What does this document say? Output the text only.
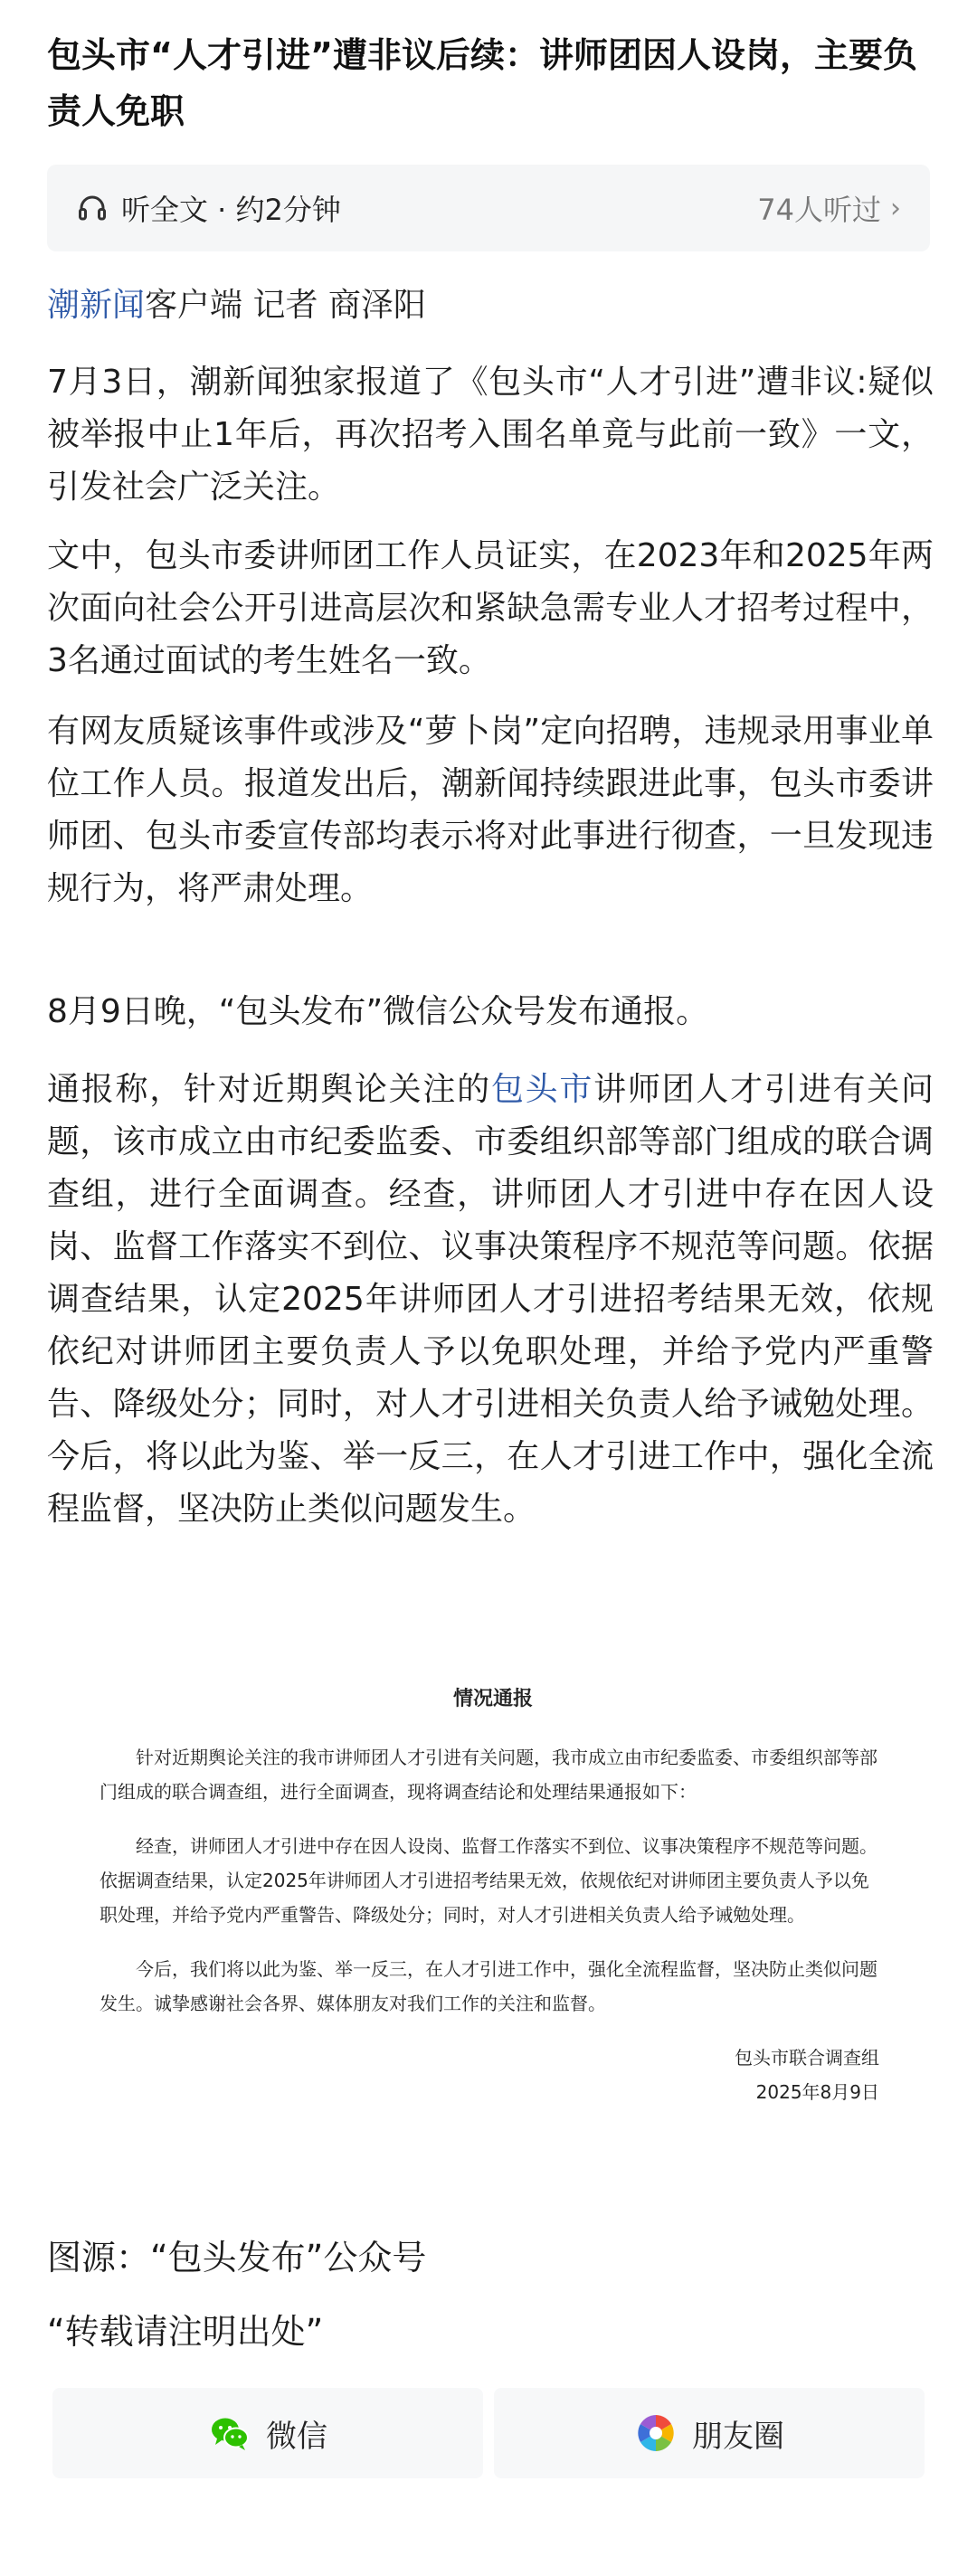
包头市“人才引进”遭非议后续：讲师团因人设岗，主要负责人免职
听全文 · 约2分钟	74人听过 ›
潮新闻客户端 记者 商泽阳

7月3日，潮新闻独家报道了《包头市“人才引进”遭非议:疑似被举报中止1年后，再次招考入围名单竟与此前一致》一文，引发社会广泛关注。

文中，包头市委讲师团工作人员证实，在2023年和2025年两次面向社会公开引进高层次和紧缺急需专业人才招考过程中，3名通过面试的考生姓名一致。

有网友质疑该事件或涉及“萝卜岗”定向招聘，违规录用事业单位工作人员。报道发出后，潮新闻持续跟进此事，包头市委讲师团、包头市委宣传部均表示将对此事进行彻查，一旦发现违规行为，将严肃处理。

8月9日晚，“包头发布”微信公众号发布通报。

通报称，针对近期舆论关注的包头市讲师团人才引进有关问题，该市成立由市纪委监委、市委组织部等部门组成的联合调查组，进行全面调查。经查，讲师团人才引进中存在因人设岗、监督工作落实不到位、议事决策程序不规范等问题。依据调查结果，认定2025年讲师团人才引进招考结果无效，依规依纪对讲师团主要负责人予以免职处理，并给予党内严重警告、降级处分；同时，对人才引进相关负责人给予诫勉处理。今后，将以此为鉴、举一反三，在人才引进工作中，强化全流程监督，坚决防止类似问题发生。

情况通报

针对近期舆论关注的我市讲师团人才引进有关问题，我市成立由市纪委监委、市委组织部等部门组成的联合调查组，进行全面调查，现将调查结论和处理结果通报如下：

经查，讲师团人才引进中存在因人设岗、监督工作落实不到位、议事决策程序不规范等问题。依据调查结果，认定2025年讲师团人才引进招考结果无效，依规依纪对讲师团主要负责人予以免职处理，并给予党内严重警告、降级处分；同时，对人才引进相关负责人给予诫勉处理。

今后，我们将以此为鉴、举一反三，在人才引进工作中，强化全流程监督，坚决防止类似问题发生。诚挚感谢社会各界、媒体朋友对我们工作的关注和监督。

包头市联合调查组
2025年8月9日
图源：“包头发布”公众号
“转载请注明出处”
微信	朋友圈
